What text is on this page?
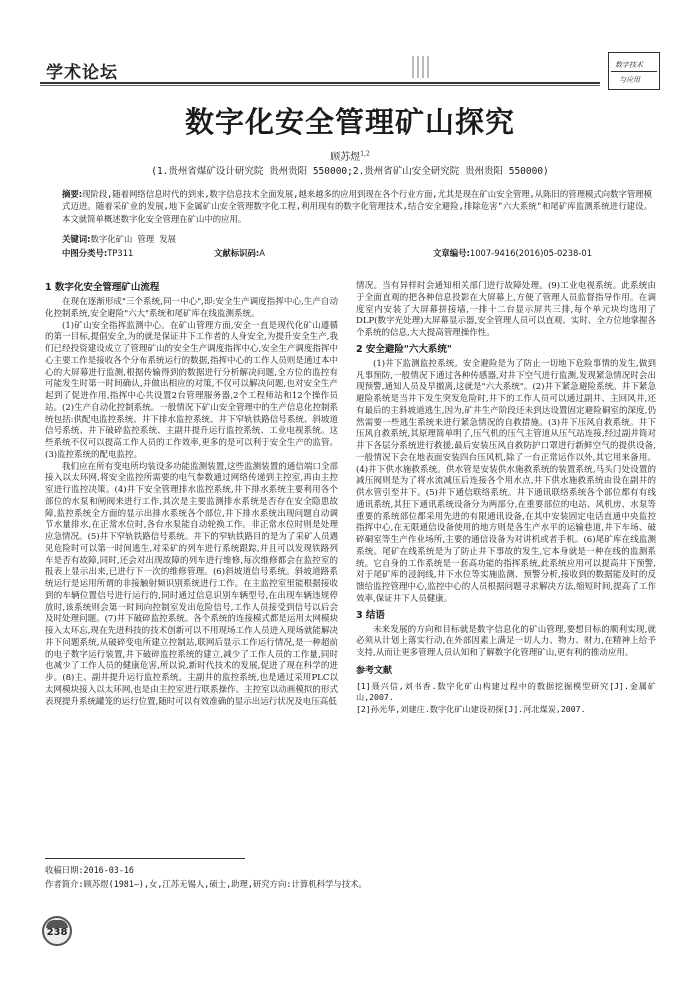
学术论坛	数字技术
与应用
数字化安全管理矿山探究
顾苏煜$^{1,2}$
(1.贵州省煤矿设计研究院 贵州贵阳 550000;2.贵州省矿山安全研究院 贵州贵阳 550000)
摘要:现阶段,随着网络信息时代的到来,数字信息技术全面发展,越来越多的应用到现在各个行业方面,尤其是现在矿山安全管理,从陈旧的管理模式向数字管理模式迈进。随着采矿业的发展,地下金属矿山安全管理数字化工程,利用现有的数字化管理技术,结合安全避险,排除危害"六大系统"和尾矿库监测系统进行建设。本文就简单概述数字化安全管理在矿山中的应用。
关键词:数字化矿山 管理 发展
中图分类号:TP311	文献标识码:A	文章编号:1007-9416(2016)05-0238-01
1 数字化安全管理矿山流程

在现在逐渐形成"三个系统,同一中心",即:安全生产调度指挥中心,生产自动化控制系统,安全避险"六大"系统和尾矿库在线监测系统。

(1)矿山安全指挥监测中心。在矿山管理方面,安全一直是现代化矿山遵循的第一目标,提倡安全,为的就是保证井下工作者的人身安全,为提升安全生产,我们已经投资建设成立了管理矿山的安全生产调度指挥中心,安全生产调度指挥中心主要工作是接收各个分布系统运行的数据,指挥中心的工作人员则是通过本中心的大屏幕进行监测,根据传输得到的数据进行分析解决问题,全方位的监控有可能发生时第一时间确认,并做出相应的对策,不仅可以解决问题,也对安全生产起到了促进作用,指挥中心共设置2台管理服务器,2个工程师站和12个操作员站。(2)生产自动化控制系统。一般情况下矿山安全管理中的生产信息化控制系统包括:供配电监控系统、井下排水监控系统、井下窄轨铁路信号系统、斜坡道信号系统、井下破碎监控系统、主副井提升运行监控系统、工业电视系统。这些系统不仅可以提高工作人员的工作效率,更多的是可以利于安全生产的监管。(3)监控系统的配电监控。

我们应在所有变电所均装设多功能监测装置,这些监测装置的通信端口全部接入以太环网,将安全监控所需要的电气参数通过网络传递到主控室,再由主控室进行监控决策。(4)井下安全管理排水监控系统,井下排水系统主要利用各个部位的水泵和闸阀来进行工作,其次是主要监测排水系统是否存在安全隐患故障,监控系统全方面的显示出排水系统各个部位,井下排水系统出现问题自动调节水量排水,在正常水位时,各台水泵能自动轮换工作。非正常水位时则是处理应急情况。(5)井下窄轨铁路信号系统。井下的窄轨铁路目的是为了采矿人员遇见危险时可以第一时间逃生,对采矿的列车进行系统跟踪,并且可以发现铁路列车是否有故障,同时,还会对出现故障的列车进行维修,每次维修都会在监控室的报表上显示出来,已进行下一次的维修管理。(6)斜坡道信号系统。斜坡道路系统运行是运用所谓的非接触射频识别系统进行工作。在主监控室里能根据接收到的车辆位置信号进行运行的,同时通过信息识别车辆型号,在出现车辆违规停放时,该系统则会第一时间向控制室发出危险信号,工作人员接受到信号以后会及时处理问题。(7)井下破碎监控系统。各个系统的连接模式都是运用太网模块接入太环忘,现在先进科技的技术创新可以不用现场工作人员进入现场就能解决井下问题系统,从破碎变电所建立控制站,联网后显示工作运行情况,是一种超前的电子数字运行装置,井下破碎监控系统的建立,减少了工作人员的工作量,同时也减少了工作人员的健康危害,所以说,新时代技术的发展,促进了现在科学的进步。(8)主、副井提升运行监控系统。主副井的监控系统,也是通过采用PLC以太网模块接入以太环网,也是由主控室进行联系操作。主控室以动画模拟的形式表现提升系统罐笼的运行位置,随时可以有效准确的显示出运行状况及电压高低

情况。当有异样时会通知相关部门进行故障处理。(9)工业电视系统。此系统由于全面直观的把各种信息投影在大屏幕上,方便了管理人员监督指导作用。在调度室内安装了大屏幕拼接墙,一排十二台显示屏共三排,每个单元块均选用了DLP(数字光处理)大屏幕显示器,安全管理人员可以直观、实时、全方位地掌握各个系统的信息,大大提高管理操作性。

2 安全避险"六大系统"

(1)井下监测监控系统。安全避险是为了防止一切地下危险事情的发生,做到凡事预防,一般情况下通过各种传感器,对井下空气进行监测,发现紧急情况时会出现预警,通知人员及早撤离,这就是"六大系统"。(2)井下紧急避险系统。井下紧急避险系统是当井下发生突发危险时,井下的工作人员可以通过副井、主回风井,还有最后的主斜坡道逃生,因为,矿井生产阶段还未到达设置固定避险硐室的深度,仍然需要一些逃生系统来进行紧急情况的自救措施。(3)井下压风自救系统。井下压风自救系统,其原理简单明了,压气机的压气主管道从压气站连接,经过副井筒对井下各层分系统进行救援,最后安装压风自救防护口罩进行新鲜空气的提供设备,一般情况下会在地表面安装四台压风机,除了一台正常运作以外,其它用来备用。(4)井下供水施救系统。供水管是安装供水施救系统的装置系统,马头门处设置的减压阀则是为了将水流减压后连接各个用水点,井下供水施救系统由设在副井的供水管引至井下。(5)井下通信联络系统。井下通讯联络系统各个部位都有有线通讯系统,其狂下通讯系统设备分为两部分,在重要部位的电站、风机房、水泵等重要的系统部位都采用先进的有限通讯设备,在其中安装固定电话直通中央监控指挥中心,在无限通信设备使用的地方则是各生产水平的运输巷道,井下车场、破碎硐室等生产作业场所,主要的通信设备为对讲机或者手机。(6)尾矿库在线监测系统。尾矿在线系统是为了防止井下事故的发生,它本身就是一种在线的监测系统。它自身的工作系统是一套高功能的指挥系统,此系统应用可以提高井下预警,对于尾矿库的浸润线,井下水位等实施监测、预警分析,接收到的数据能及时的反馈给监控管理中心,监控中心的人员根据问题寻求解决方法,缩短时间,提高了工作效率,保证井下人员健康。

3 结语

未来发展的方向和目标就是数字信息化的矿山管理,要想目标的顺利实现,就必须从计划上落实行动,在外部因素上满足一切人力、物力、财力,在精神上给予支持,从而让更多管理人员认知和了解数字化管理矿山,更有利的推动应用。

参考文献

[1]聂兴信,刘书香.数字化矿山构建过程中的数据挖掘模型研究[J].金属矿山,2007.

[2]孙光华,刘建庄.数字化矿山建设初探[J].河北煤炭,2007.

收稿日期:2016-03-16
作者简介:顾苏煜(1981—),女,江苏无锡人,硕士,助理,研究方向:计算机科学与技术。
238
